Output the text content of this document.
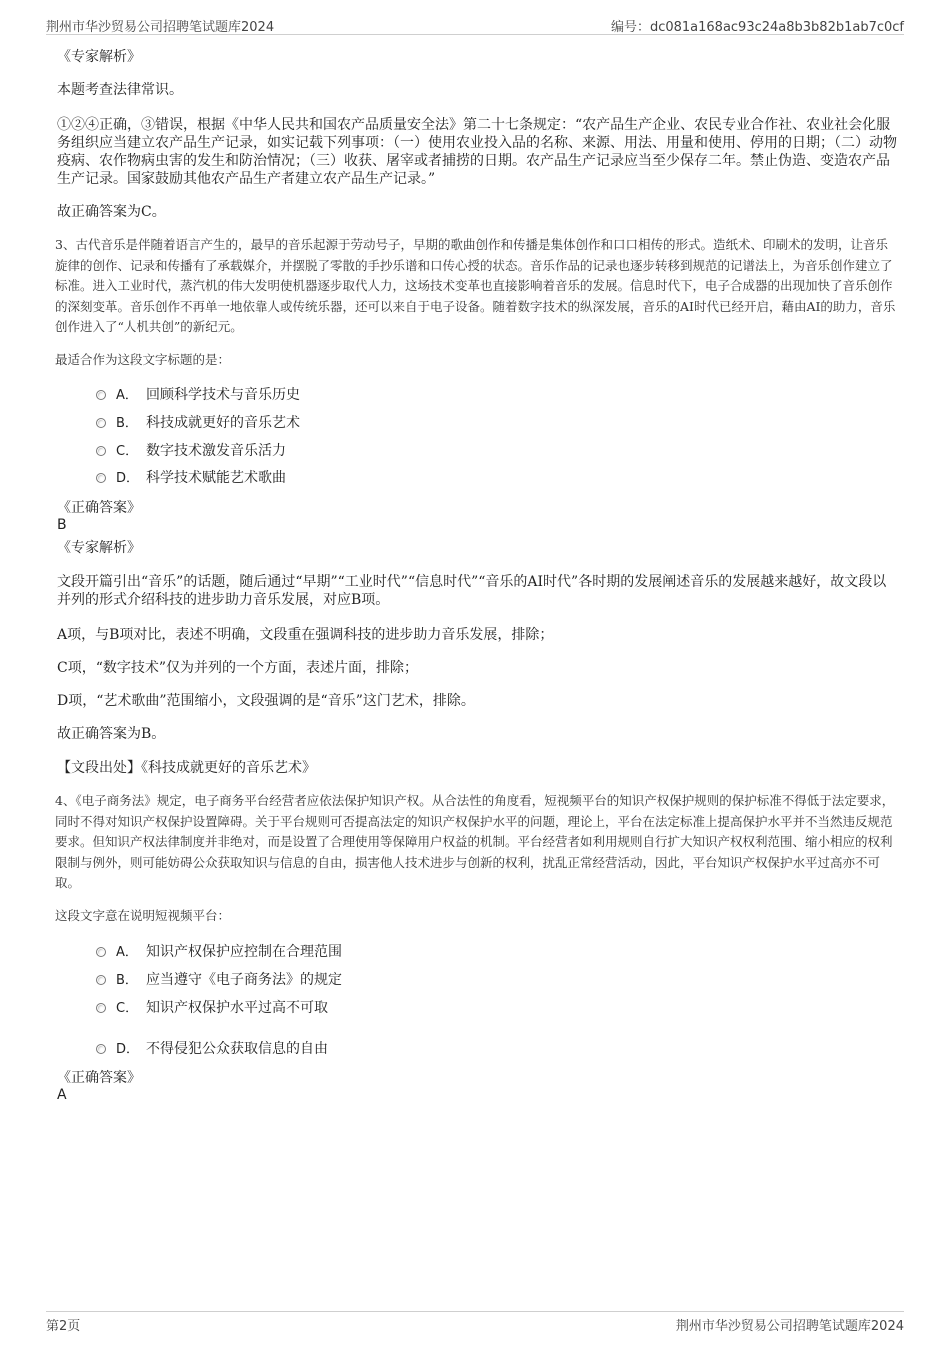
荆州市华沙贸易公司招聘笔试题库2024	编号：dc081a168ac93c24a8b3b82b1ab7c0cf
《专家解析》
本题考查法律常识。
①②④正确，③错误，根据《中华人民共和国农产品质量安全法》第二十七条规定：“农产品生产企业、农民专业合作社、农业社会化服务组织应当建立农产品生产记录，如实记载下列事项：（一）使用农业投入品的名称、来源、用法、用量和使用、停用的日期；（二）动物疫病、农作物病虫害的发生和防治情况；（三）收获、屠宰或者捕捞的日期。农产品生产记录应当至少保存二年。禁止伪造、变造农产品生产记录。国家鼓励其他农产品生产者建立农产品生产记录。”
故正确答案为C。
3、古代音乐是伴随着语言产生的，最早的音乐起源于劳动号子，早期的歌曲创作和传播是集体创作和口口相传的形式。造纸术、印刷术的发明，让音乐旋律的创作、记录和传播有了承载媒介，并摆脱了零散的手抄乐谱和口传心授的状态。音乐作品的记录也逐步转移到规范的记谱法上，为音乐创作建立了标准。进入工业时代，蒸汽机的伟大发明使机器逐步取代人力，这场技术变革也直接影响着音乐的发展。信息时代下，电子合成器的出现加快了音乐创作的深刻变革。音乐创作不再单一地依靠人或传统乐器，还可以来自于电子设备。随着数字技术的纵深发展，音乐的AI时代已经开启，藉由AI的助力，音乐创作进入了“人机共创”的新纪元。
最适合作为这段文字标题的是：
A． 回顾科学技术与音乐历史
B． 科技成就更好的音乐艺术
C． 数字技术激发音乐活力
D． 科学技术赋能艺术歌曲
《正确答案》
B
《专家解析》
文段开篇引出“音乐”的话题，随后通过“早期”“工业时代”“信息时代”“音乐的AI时代”各时期的发展阐述音乐的发展越来越好，故文段以并列的形式介绍科技的进步助力音乐发展，对应B项。
A项，与B项对比，表述不明确，文段重在强调科技的进步助力音乐发展，排除；
C项，“数字技术”仅为并列的一个方面，表述片面，排除；
D项，“艺术歌曲”范围缩小，文段强调的是“音乐”这门艺术，排除。
故正确答案为B。
【文段出处】《科技成就更好的音乐艺术》
4、《电子商务法》规定，电子商务平台经营者应依法保护知识产权。从合法性的角度看，短视频平台的知识产权保护规则的保护标准不得低于法定要求，同时不得对知识产权保护设置障碍。关于平台规则可否提高法定的知识产权保护水平的问题，理论上，平台在法定标准上提高保护水平并不当然违反规范要求。但知识产权法律制度并非绝对，而是设置了合理使用等保障用户权益的机制。平台经营者如利用规则自行扩大知识产权权利范围、缩小相应的权利限制与例外，则可能妨碍公众获取知识与信息的自由，损害他人技术进步与创新的权利，扰乱正常经营活动，因此，平台知识产权保护水平过高亦不可取。
这段文字意在说明短视频平台：
A． 知识产权保护应控制在合理范围
B． 应当遵守《电子商务法》的规定
C． 知识产权保护水平过高不可取
D． 不得侵犯公众获取信息的自由
《正确答案》
A
第2页	荆州市华沙贸易公司招聘笔试题库2024
